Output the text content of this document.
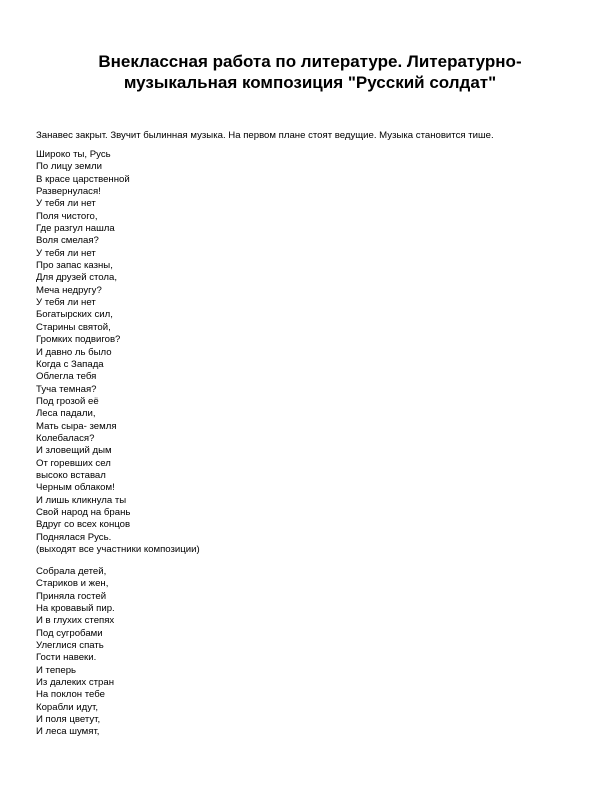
Внеклассная работа по литературе. Литературно-
музыкальная композиция "Русский солдат"

Занавес закрыт. Звучит былинная музыка. На первом плане стоят ведущие. Музыка становится тише.

Широко ты, Русь
По лицу земли
В красе царственной
Развернулася!
У тебя ли нет
Поля чистого,
Где разгул нашла
Воля смелая?
У тебя ли нет
Про запас казны,
Для друзей стола,
Меча недругу?
У тебя ли нет
Богатырских сил,
Старины святой,
Громких подвигов?
И давно ль было
Когда с Запада
Облегла тебя
Туча темная?
Под грозой её
Леса падали,
Мать сыра- земля
Колебалася?
И зловещий дым
От горевших сел
высоко вставал
Черным облаком!
И лишь кликнула ты
Свой народ на брань
Вдруг со всех концов
Поднялася Русь.
(выходят все участники композиции)
Собрала детей,
Стариков и жен,
Приняла гостей
На кровавый пир.
И в глухих степях
Под сугробами
Улеглися спать
Гости навеки.
И теперь
Из далеких стран
На поклон тебе
Корабли идут,
И поля цветут,
И леса шумят,
